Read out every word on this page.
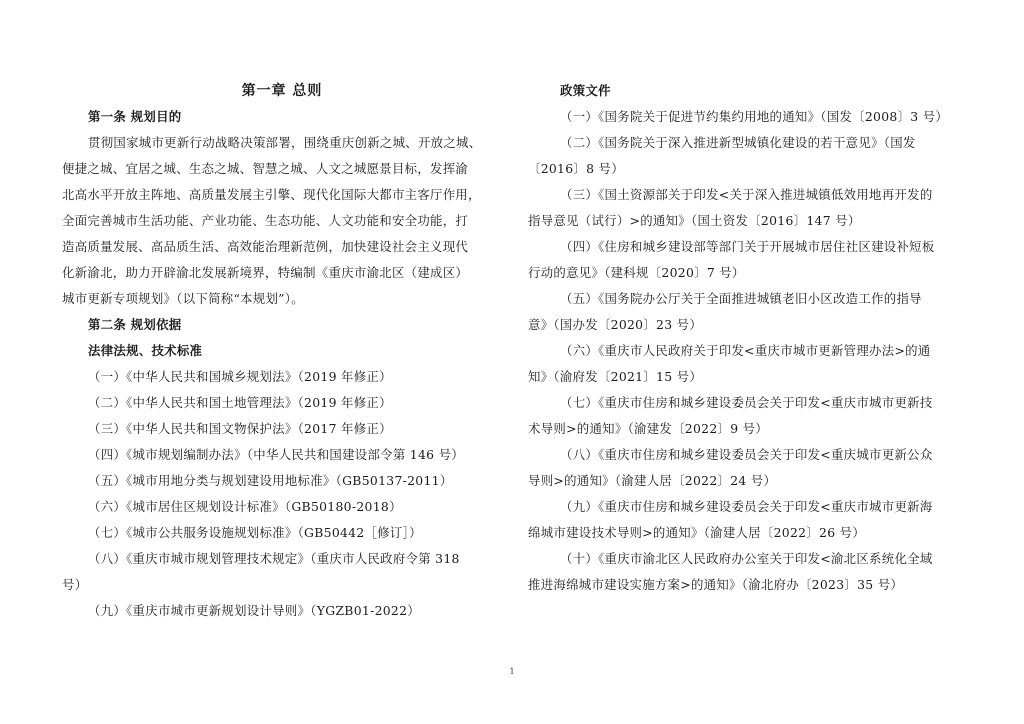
第一章 总则
第一条 规划目的
贯彻国家城市更新行动战略决策部署，围绕重庆创新之城、开放之城、
便捷之城、宜居之城、生态之城、智慧之城、人文之城愿景目标，发挥渝
北高水平开放主阵地、高质量发展主引擎、现代化国际大都市主客厅作用，
全面完善城市生活功能、产业功能、生态功能、人文功能和安全功能，打
造高质量发展、高品质生活、高效能治理新范例，加快建设社会主义现代
化新渝北，助力开辟渝北发展新境界，特编制《重庆市渝北区（建成区）
城市更新专项规划》（以下简称“本规划”）。
第二条 规划依据
法律法规、技术标准
（一）《中华人民共和国城乡规划法》（2019 年修正）
（二）《中华人民共和国土地管理法》（2019 年修正）
（三）《中华人民共和国文物保护法》（2017 年修正）
（四）《城市规划编制办法》（中华人民共和国建设部令第 146 号）
（五）《城市用地分类与规划建设用地标准》（GB50137-2011）
（六）《城市居住区规划设计标准》（GB50180-2018）
（七）《城市公共服务设施规划标准》（GB50442［修订］）
（八）《重庆市城市规划管理技术规定》（重庆市人民政府令第 318
号）
（九）《重庆市城市更新规划设计导则》（YGZB01-2022）
政策文件
（一）《国务院关于促进节约集约用地的通知》（国发〔2008〕3 号）
（二）《国务院关于深入推进新型城镇化建设的若干意见》（国发
〔2016〕8 号）
（三）《国土资源部关于印发<关于深入推进城镇低效用地再开发的
指导意见（试行）>的通知》（国土资发〔2016〕147 号）
（四）《住房和城乡建设部等部门关于开展城市居住社区建设补短板
行动的意见》（建科规〔2020〕7 号）
（五）《国务院办公厅关于全面推进城镇老旧小区改造工作的指导
意》（国办发〔2020〕23 号）
（六）《重庆市人民政府关于印发<重庆市城市更新管理办法>的通
知》（渝府发〔2021〕15 号）
（七）《重庆市住房和城乡建设委员会关于印发<重庆市城市更新技
术导则>的通知》（渝建发〔2022〕9 号）
（八）《重庆市住房和城乡建设委员会关于印发<重庆城市更新公众
导则>的通知》（渝建人居〔2022〕24 号）
（九）《重庆市住房和城乡建设委员会关于印发<重庆市城市更新海
绵城市建设技术导则>的通知》（渝建人居〔2022〕26 号）
（十）《重庆市渝北区人民政府办公室关于印发<渝北区系统化全域
推进海绵城市建设实施方案>的通知》（渝北府办〔2023〕35 号）
1
